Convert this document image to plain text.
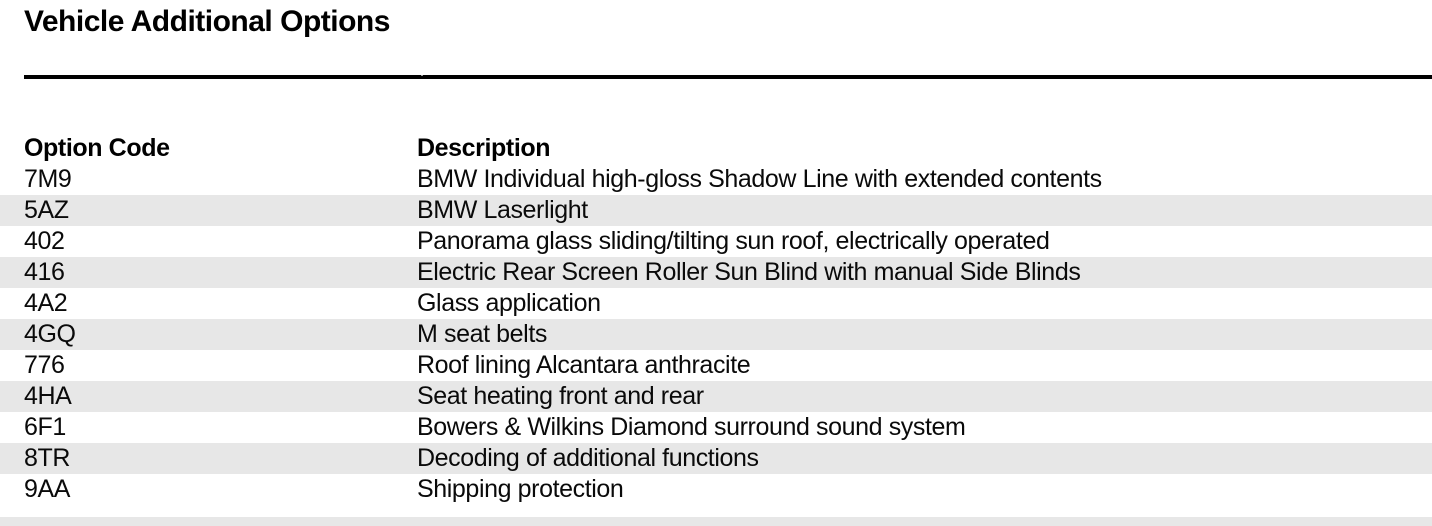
Vehicle Additional Options
Option Code	Description
7M9	BMW Individual high-gloss Shadow Line with extended contents
5AZ	BMW Laserlight
402	Panorama glass sliding/tilting sun roof, electrically operated
416	Electric Rear Screen Roller Sun Blind with manual Side Blinds
4A2	Glass application
4GQ	M seat belts
776	Roof lining Alcantara anthracite
4HA	Seat heating front and rear
6F1	Bowers & Wilkins Diamond surround sound system
8TR	Decoding of additional functions
9AA	Shipping protection
